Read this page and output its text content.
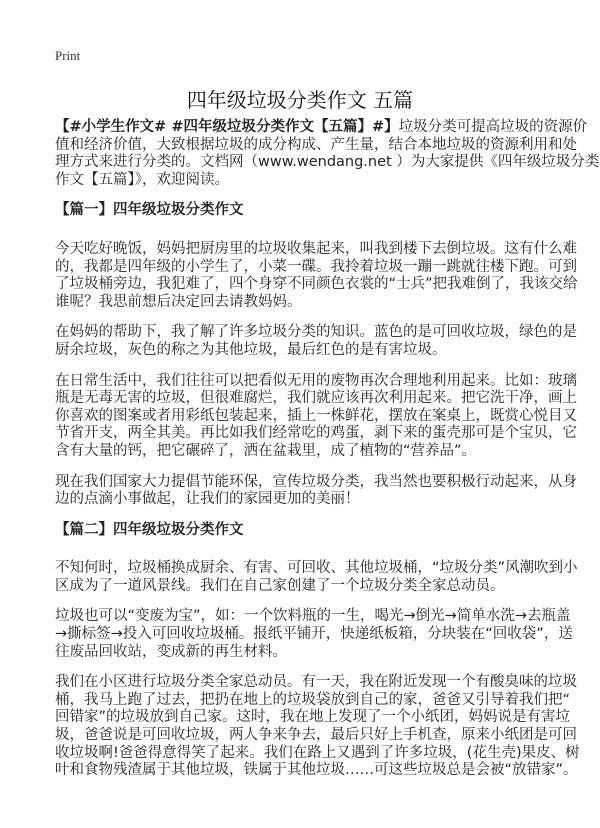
Print
四年级垃圾分类作文 五篇
【#小学生作文# #四年级垃圾分类作文【五篇】#】垃圾分类可提高垃圾的资源价
值和经济价值，大致根据垃圾的成分构成、产生量，结合本地垃圾的资源利用和处
理方式来进行分类的。文档网（www.wendang.net ）为大家提供《四年级垃圾分类
作文【五篇】》，欢迎阅读。
【篇一】四年级垃圾分类作文
今天吃好晚饭，妈妈把厨房里的垃圾收集起来，叫我到楼下去倒垃圾。这有什么难
的，我都是四年级的小学生了，小菜一碟。我拎着垃圾一蹦一跳就往楼下跑。可到
了垃圾桶旁边，我犯难了，四个身穿不同颜色衣裳的“士兵”把我难倒了，我该交给
谁呢？我思前想后决定回去请教妈妈。
在妈妈的帮助下，我了解了许多垃圾分类的知识。蓝色的是可回收垃圾，绿色的是
厨余垃圾，灰色的称之为其他垃圾，最后红色的是有害垃圾。
在日常生活中，我们往往可以把看似无用的废物再次合理地利用起来。比如：玻璃
瓶是无毒无害的垃圾，但很难腐烂，我们就应该再次利用起来。把它洗干净，画上
你喜欢的图案或者用彩纸包装起来，插上一株鲜花，摆放在案桌上，既赏心悦目又
节省开支，两全其美。再比如我们经常吃的鸡蛋，剥下来的蛋壳那可是个宝贝，它
含有大量的钙，把它碾碎了，洒在盆栽里，成了植物的“营养品”。
现在我们国家大力提倡节能环保，宣传垃圾分类，我当然也要积极行动起来，从身
边的点滴小事做起，让我们的家园更加的美丽！
【篇二】四年级垃圾分类作文
不知何时，垃圾桶换成厨余、有害、可回收、其他垃圾桶，“垃圾分类”风潮吹到小
区成为了一道风景线。我们在自己家创建了一个垃圾分类全家总动员。
垃圾也可以“变废为宝”，如：一个饮料瓶的一生，喝光→倒光→简单水洗→去瓶盖
→撕标签→投入可回收垃圾桶。报纸平铺开，快递纸板箱，分块装在“回收袋”，送
往废品回收站，变成新的再生材料。
我们在小区进行垃圾分类全家总动员。有一天，我在附近发现一个有酸臭味的垃圾
桶，我马上跑了过去，把扔在地上的垃圾袋放到自己的家，爸爸又引导着我们把“
回错家”的垃圾放到自己家。这时，我在地上发现了一个小纸团，妈妈说是有害垃
圾，爸爸说是可回收垃圾，两人争来争去，最后只好上手机查，原来小纸团是可回
收垃圾啊!爸爸得意得笑了起来。我们在路上又遇到了许多垃圾，(花生壳)果皮、树
叶和食物残渣属于其他垃圾，铁属于其他垃圾……可这些垃圾总是会被“放错家”。
